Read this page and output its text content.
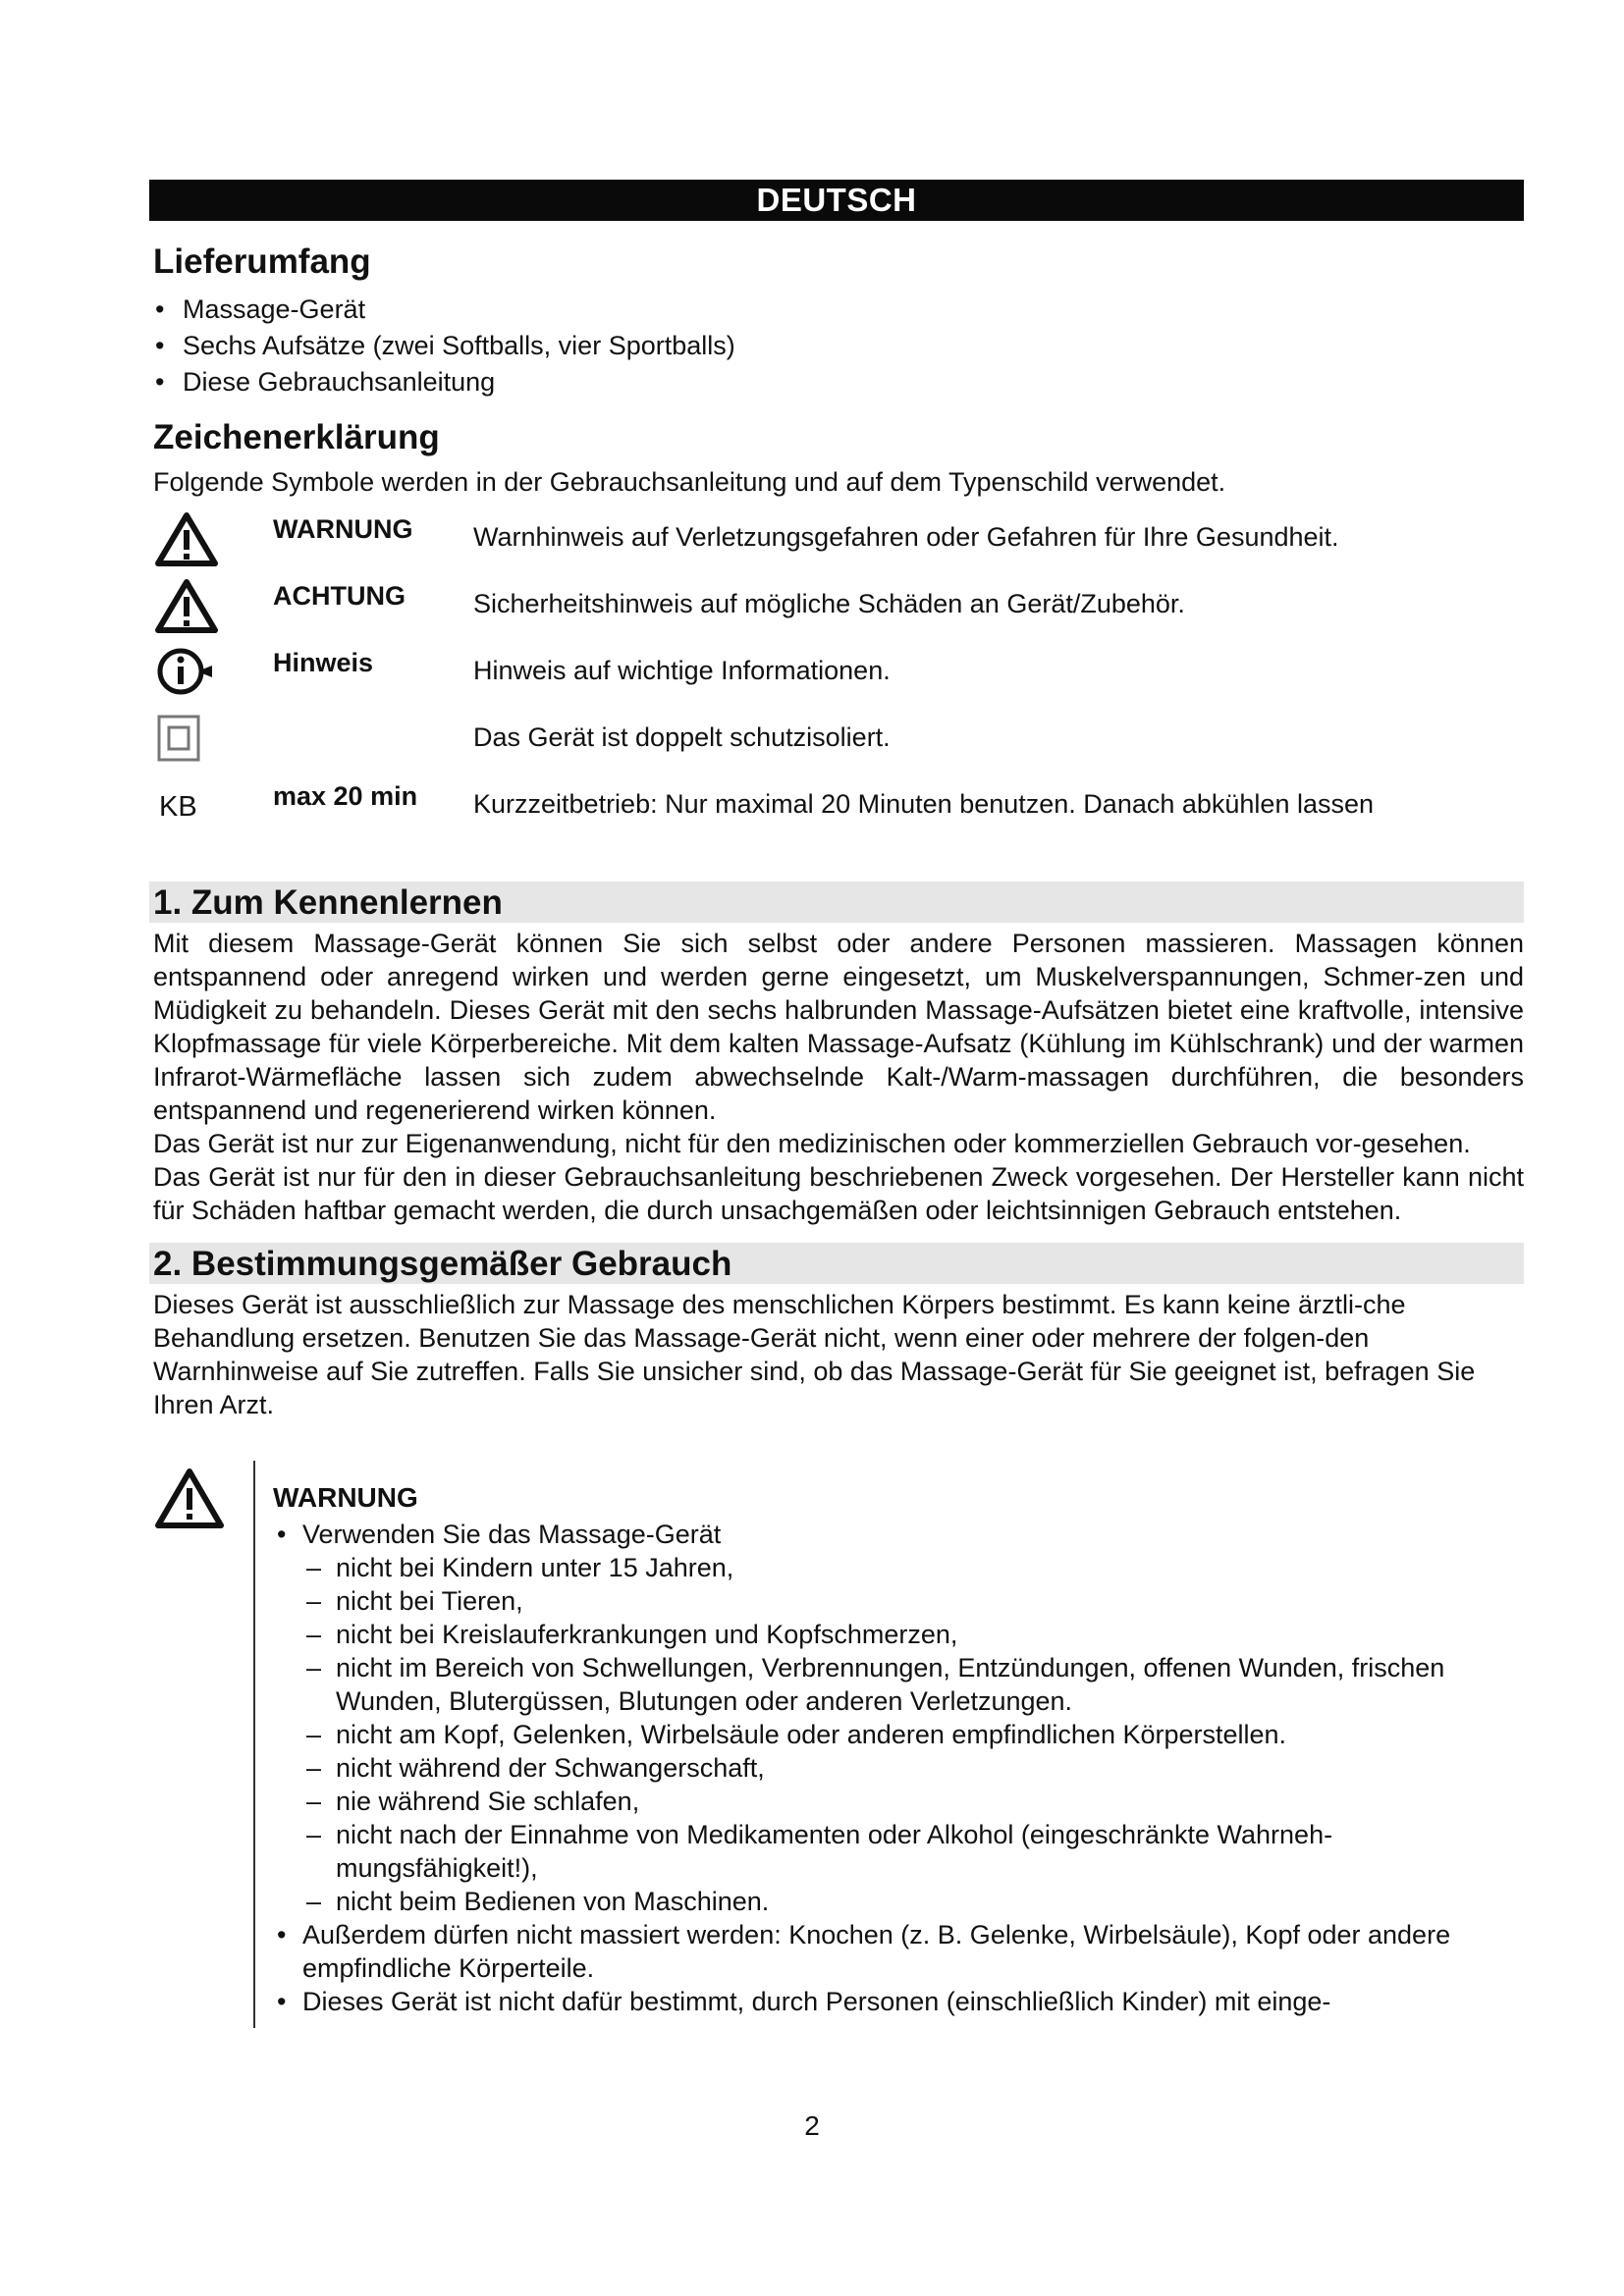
DEUTSCH
Lieferumfang
• Massage-Gerät
• Sechs Aufsätze (zwei Softballs, vier Sportballs)
• Diese Gebrauchsanleitung
Zeichenerklärung

Folgende Symbole werden in der Gebrauchsanleitung und auf dem Typenschild verwendet.

WARNUNG Warnhinweis auf Verletzungsgefahren oder Gefahren für Ihre Gesundheit.
ACHTUNG	Sicherheitshinweis auf mögliche Schäden an Gerät/Zubehör.
Hinweis	Hinweis auf wichtige Informationen.
Das Gerät ist doppelt schutzisoliert.
KB	max 20 min Kurzzeitbetrieb: Nur maximal 20 Minuten benutzen. Danach abkühlen lassen
1. Zum Kennenlernen

Mit diesem Massage-Gerät können Sie sich selbst oder andere Personen massieren. Massagen können entspannend oder anregend wirken und werden gerne eingesetzt, um Muskelverspannungen, Schmer-zen und Müdigkeit zu behandeln. Dieses Gerät mit den sechs halbrunden Massage-Aufsätzen bietet eine kraftvolle, intensive Klopfmassage für viele Körperbereiche. Mit dem kalten Massage-Aufsatz (Kühlung im Kühlschrank) und der warmen Infrarot-Wärmefläche lassen sich zudem abwechselnde Kalt-/Warm-massagen durchführen, die besonders entspannend und regenerierend wirken können.

Das Gerät ist nur zur Eigenanwendung, nicht für den medizinischen oder kommerziellen Gebrauch vor-gesehen.

Das Gerät ist nur für den in dieser Gebrauchsanleitung beschriebenen Zweck vorgesehen. Der Hersteller kann nicht für Schäden haftbar gemacht werden, die durch unsachgemäßen oder leichtsinnigen Gebrauch entstehen.

2. Bestimmungsgemäßer Gebrauch

Dieses Gerät ist ausschließlich zur Massage des menschlichen Körpers bestimmt. Es kann keine ärztli-che Behandlung ersetzen. Benutzen Sie das Massage-Gerät nicht, wenn einer oder mehrere der folgen-den Warnhinweise auf Sie zutreffen. Falls Sie unsicher sind, ob das Massage-Gerät für Sie geeignet ist, befragen Sie Ihren Arzt.

WARNUNG
• Verwenden Sie das Massage-Gerät
– nicht bei Kindern unter 15 Jahren,
– nicht bei Tieren,
– nicht bei Kreislauferkrankungen und Kopfschmerzen,
– nicht im Bereich von Schwellungen, Verbrennungen, Entzündungen, offenen Wunden, frischen Wunden, Blutergüssen, Blutungen oder anderen Verletzungen.
– nicht am Kopf, Gelenken, Wirbelsäule oder anderen empfindlichen Körperstellen.
– nicht während der Schwangerschaft,
– nie während Sie schlafen,
– nicht nach der Einnahme von Medikamenten oder Alkohol (eingeschränkte Wahrneh-mungsfähigkeit!),
– nicht beim Bedienen von Maschinen.
• Außerdem dürfen nicht massiert werden: Knochen (z. B. Gelenke, Wirbelsäule), Kopf oder andere empfindliche Körperteile.
• Dieses Gerät ist nicht dafür bestimmt, durch Personen (einschließlich Kinder) mit einge-
2
